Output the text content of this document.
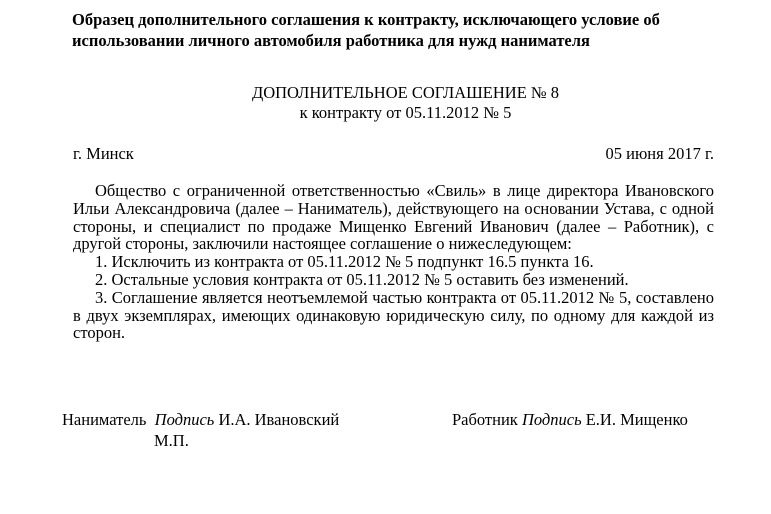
Образец дополнительного соглашения к контракту, исключающего условие об использовании личного автомобиля работника для нужд нанимателя
ДОПОЛНИТЕЛЬНОЕ СОГЛАШЕНИЕ № 8
к контракту от 05.11.2012 № 5
г. Минск	05 июня 2017 г.

Общество с ограниченной ответственностью «Свиль» в лице директора Ивановского Ильи Александровича (далее – Наниматель), действующего на основании Устава, с одной стороны, и специалист по продаже Мищенко Евгений Иванович (далее – Работник), с другой стороны, заключили настоящее соглашение о нижеследующем:

1. Исключить из контракта от 05.11.2012 № 5 подпункт 16.5 пункта 16.

2. Остальные условия контракта от 05.11.2012 № 5 оставить без изменений.

3. Соглашение является неотъемлемой частью контракта от 05.11.2012 № 5, составлено в двух экземплярах, имеющих одинаковую юридическую силу, по одному для каждой из сторон.

Наниматель Подпись И.А. Ивановский
М.П.
Работник Подпись Е.И. Мищенко
